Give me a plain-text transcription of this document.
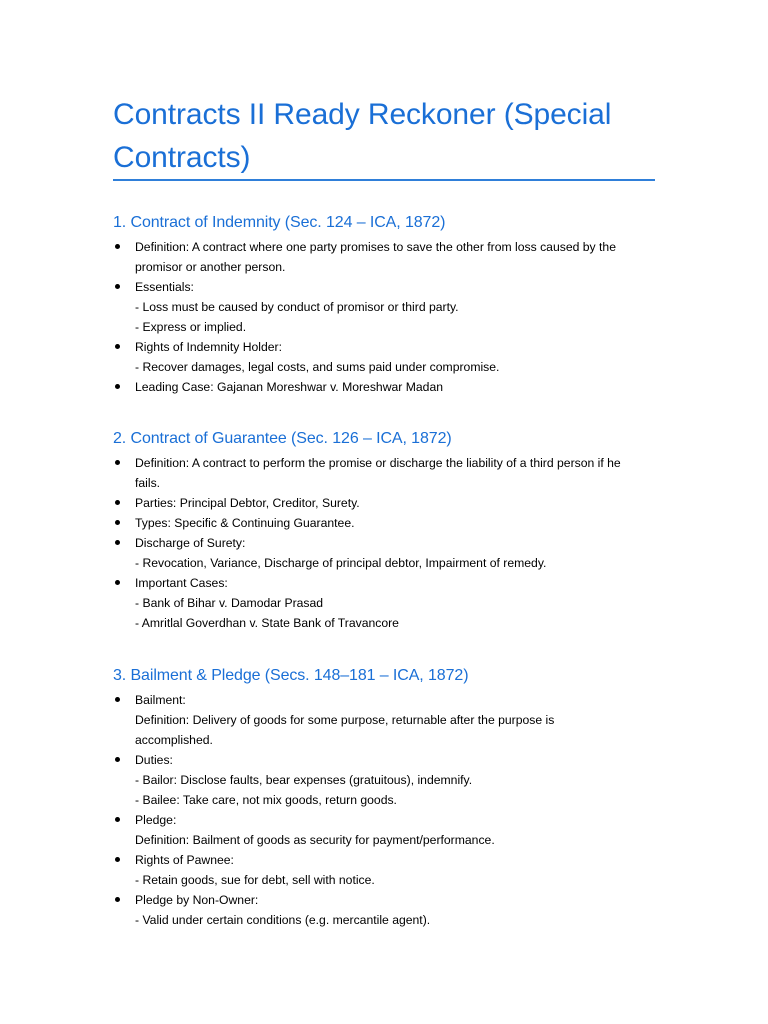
Contracts II Ready Reckoner (Special Contracts)
1. Contract of Indemnity (Sec. 124 – ICA, 1872)
Definition: A contract where one party promises to save the other from loss caused by the
promisor or another person.
Essentials:
- Loss must be caused by conduct of promisor or third party.
- Express or implied.
Rights of Indemnity Holder:
- Recover damages, legal costs, and sums paid under compromise.
Leading Case: Gajanan Moreshwar v. Moreshwar Madan
2. Contract of Guarantee (Sec. 126 – ICA, 1872)
Definition: A contract to perform the promise or discharge the liability of a third person if he
fails.
Parties: Principal Debtor, Creditor, Surety.
Types: Specific & Continuing Guarantee.
Discharge of Surety:
- Revocation, Variance, Discharge of principal debtor, Impairment of remedy.
Important Cases:
- Bank of Bihar v. Damodar Prasad
- Amritlal Goverdhan v. State Bank of Travancore
3. Bailment & Pledge (Secs. 148–181 – ICA, 1872)
Bailment:
Definition: Delivery of goods for some purpose, returnable after the purpose is
accomplished.
Duties:
- Bailor: Disclose faults, bear expenses (gratuitous), indemnify.
- Bailee: Take care, not mix goods, return goods.
Pledge:
Definition: Bailment of goods as security for payment/performance.
Rights of Pawnee:
- Retain goods, sue for debt, sell with notice.
Pledge by Non-Owner:
- Valid under certain conditions (e.g. mercantile agent).
